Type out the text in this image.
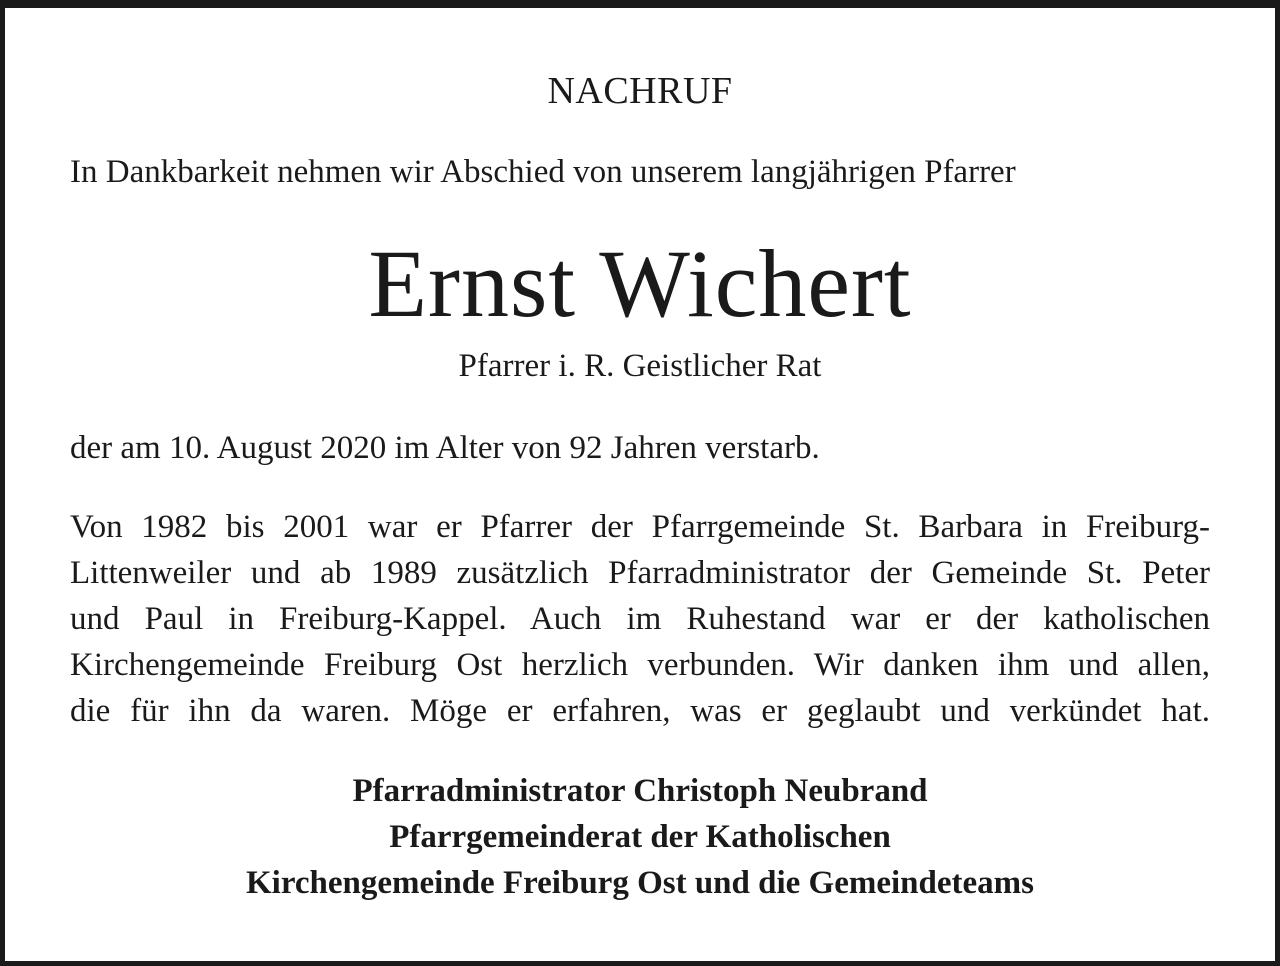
NACHRUF
In Dankbarkeit nehmen wir Abschied von unserem langjährigen Pfarrer
Ernst Wichert
Pfarrer i. R. Geistlicher Rat
der am 10. August 2020 im Alter von 92 Jahren verstarb.
Von 1982 bis 2001 war er Pfarrer der Pfarrgemeinde St. Barbara in Freiburg-
Littenweiler und ab 1989 zusätzlich Pfarradministrator der Gemeinde St. Peter
und Paul in Freiburg-Kappel. Auch im Ruhestand war er der katholischen
Kirchengemeinde Freiburg Ost herzlich verbunden. Wir danken ihm und allen,
die für ihn da waren. Möge er erfahren, was er geglaubt und verkündet hat.
Pfarradministrator Christoph Neubrand
Pfarrgemeinderat der Katholischen
Kirchengemeinde Freiburg Ost und die Gemeindeteams
